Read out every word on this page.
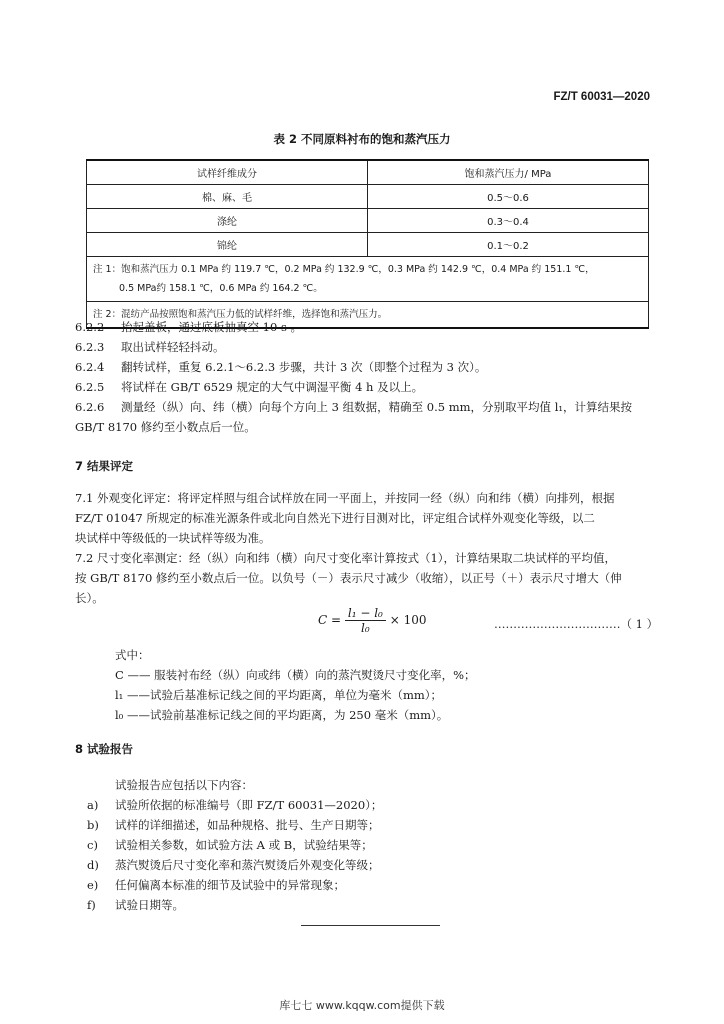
FZ/T 60031—2020
表 2 不同原料衬布的饱和蒸汽压力
试样纤维成分	饱和蒸汽压力/ MPa
棉、麻、毛	0.5～0.6
涤纶	0.3～0.4
锦纶	0.1～0.2

注 1：饱和蒸汽压力 0.1 MPa 约 119.7 ℃，0.2 MPa 约 132.9 ℃，0.3 MPa 约 142.9 ℃，0.4 MPa 约 151.1 ℃，
0.5 MPa约 158.1 ℃，0.6 MPa 约 164.2 ℃。	

注 2：混纺产品按照饱和蒸汽压力低的试样纤维，选择饱和蒸汽压力。	
6.2.2 抬起盖板，通过底板抽真空 10 s 。
6.2.3 取出试样轻轻抖动。
6.2.4 翻转试样，重复 6.2.1～6.2.3 步骤，共计 3 次（即整个过程为 3 次）。
6.2.5 将试样在 GB/T 6529 规定的大气中调湿平衡 4 h 及以上。
6.2.6 测量经（纵）向、纬（横）向每个方向上 3 组数据，精确至 0.5 mm，分别取平均值 l₁，计算结果按
GB/T 8170 修约至小数点后一位。
7 结果评定
7.1 外观变化评定：将评定样照与组合试样放在同一平面上，并按同一经（纵）向和纬（横）向排列，根据
FZ/T 01047 所规定的标准光源条件或北向自然光下进行目测对比，评定组合试样外观变化等级，以二
块试样中等级低的一块试样等级为准。
7.2 尺寸变化率测定：经（纵）向和纬（横）向尺寸变化率计算按式（1），计算结果取二块试样的平均值，
按 GB/T 8170 修约至小数点后一位。以负号（－）表示尺寸减少（收缩），以正号（＋）表示尺寸增大（伸
长）。
$C = \frac{\text{l₁ − l₀}}{\text{l₀}} \times 100$	……………………………（ 1 ）
式中：
C —— 服装衬布经（纵）向或纬（横）向的蒸汽熨烫尺寸变化率，%；
l₁ ——试验后基准标记线之间的平均距离，单位为毫米（mm）；
l₀ ——试验前基准标记线之间的平均距离，为 250 毫米（mm）。
8 试验报告
试验报告应包括以下内容：
a) 试验所依据的标准编号（即 FZ/T 60031—2020）；
b) 试样的详细描述，如品种规格、批号、生产日期等；
c) 试验相关参数，如试验方法 A 或 B，试验结果等；
d) 蒸汽熨烫后尺寸变化率和蒸汽熨烫后外观变化等级；
e) 任何偏离本标准的细节及试验中的异常现象；
f) 试验日期等。
库七七 www.kqqw.com提供下载
